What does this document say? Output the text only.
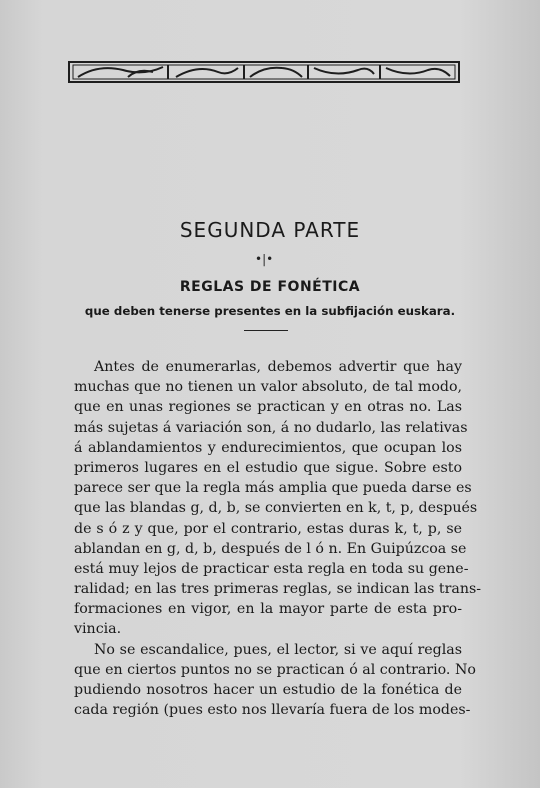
SEGUNDA PARTE
•|•
REGLAS DE FONÉTICA
que deben tenerse presentes en la subfijación euskara.
Antes de enumerarlas, debemos advertir que hay
muchas que no tienen un valor absoluto, de tal modo,
que en unas regiones se practican y en otras no. Las
más sujetas á variación son, á no dudarlo, las relativas
á ablandamientos y endurecimientos, que ocupan los
primeros lugares en el estudio que sigue. Sobre esto
parece ser que la regla más amplia que pueda darse es
que las blandas g, d, b, se convierten en k, t, p, después
de s ó z y que, por el contrario, estas duras k, t, p, se
ablandan en g, d, b, después de l ó n. En Guipúzcoa se
está muy lejos de practicar esta regla en toda su gene-
ralidad; en las tres primeras reglas, se indican las trans-
formaciones en vigor, en la mayor parte de esta pro-
vincia.
No se escandalice, pues, el lector, si ve aquí reglas
que en ciertos puntos no se practican ó al contrario. No
pudiendo nosotros hacer un estudio de la fonética de
cada región (pues esto nos llevaría fuera de los modes-
